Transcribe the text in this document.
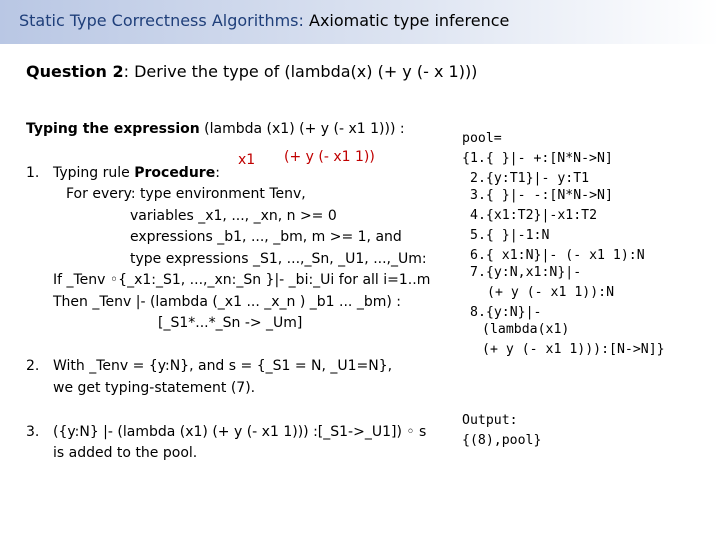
Static Type Correctness Algorithms: Axiomatic type inference
Question 2: Derive the type of (lambda(x) (+ y (- x 1)))
Typing the expression (lambda (x1) (+ y (- x1 1))) :
x1 (+ y (- x1 1))
1. Typing rule Procedure:
For every: type environment Tenv,
variables _x1, ..., _xn, n >= 0
expressions _b1, ..., _bm, m >= 1, and
type expressions _S1, ...,_Sn, _U1, ...,_Um:
If _Tenv ◦{_x1:_S1, ...,_xn:_Sn }|- _bi:_Ui for all i=1..m
Then _Tenv |- (lambda (_x1 ... _x_n ) _b1 ... _bm) :
[_S1*...*_Sn -> _Um]
2. With _Tenv = {y:N}, and s = {_S1 = N, _U1=N},
we get typing-statement (7).
3. ({y:N} |- (lambda (x1) (+ y (- x1 1))) :[_S1->_U1]) ◦ s
is added to the pool.
pool=
{1.{ }|- +:[N*N->N]
2.{y:T1}|- y:T1
3.{ }|- -:[N*N->N]
4.{x1:T2}|-x1:T2
5.{ }|-1:N
6.{ x1:N}|- (- x1 1):N
7.{y:N,x1:N}|-
(+ y (- x1 1)):N
8.{y:N}|-
(lambda(x1)
(+ y (- x1 1))):[N->N]}
Output:
{(8),pool}
